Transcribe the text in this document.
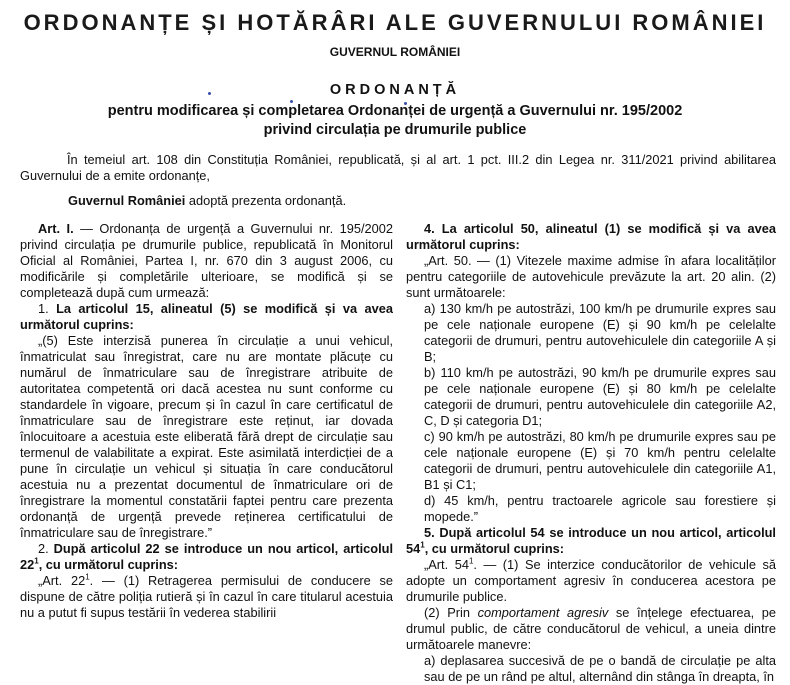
ORDONANȚE ȘI HOTĂRÂRI ALE GUVERNULUI ROMÂNIEI
GUVERNUL ROMÂNIEI
ORDONANȚĂ
pentru modificarea și completarea Ordonanței de urgență a Guvernului nr. 195/2002
privind circulația pe drumurile publice
În temeiul art. 108 din Constituția României, republicată, și al art. 1 pct. III.2 din Legea nr. 311/2021 privind abilitarea Guvernului de a emite ordonanțe,
Guvernul României adoptă prezenta ordonanță.

Art. I. — Ordonanța de urgență a Guvernului nr. 195/2002 privind circulația pe drumurile publice, republicată în Monitorul Oficial al României, Partea I, nr. 670 din 3 august 2006, cu modificările și completările ulterioare, se modifică și se completează după cum urmează:

1. La articolul 15, alineatul (5) se modifică și va avea următorul cuprins:

„(5) Este interzisă punerea în circulație a unui vehicul, înmatriculat sau înregistrat, care nu are montate plăcuțe cu numărul de înmatriculare sau de înregistrare atribuite de autoritatea competentă ori dacă acestea nu sunt conforme cu standardele în vigoare, precum și în cazul în care certificatul de înmatriculare sau de înregistrare este reținut, iar dovada înlocuitoare a acestuia este eliberată fără drept de circulație sau termenul de valabilitate a expirat. Este asimilată interdicției de a pune în circulație un vehicul și situația în care conducătorul acestuia nu a prezentat documentul de înmatriculare ori de înregistrare la momentul constatării faptei pentru care prezenta ordonanță de urgență prevede reținerea certificatului de înmatriculare sau de înregistrare.”

2. După articolul 22 se introduce un nou articol, articolul $22^1$, cu următorul cuprins:

„Art. $22^1$. — (1) Retragerea permisului de conducere se dispune de către poliția rutieră și în cazul în care titularul acestuia nu a putut fi supus testării în vederea stabilirii

4. La articolul 50, alineatul (1) se modifică și va avea următorul cuprins:

„Art. 50. — (1) Vitezele maxime admise în afara localităților pentru categoriile de autovehicule prevăzute la art. 20 alin. (2) sunt următoarele:

a) 130 km/h pe autostrăzi, 100 km/h pe drumurile expres sau pe cele naționale europene (E) și 90 km/h pe celelalte categorii de drumuri, pentru autovehiculele din categoriile A și B;

b) 110 km/h pe autostrăzi, 90 km/h pe drumurile expres sau pe cele naționale europene (E) și 80 km/h pe celelalte categorii de drumuri, pentru autovehiculele din categoriile A2, C, D și categoria D1;

c) 90 km/h pe autostrăzi, 80 km/h pe drumurile expres sau pe cele naționale europene (E) și 70 km/h pentru celelalte categorii de drumuri, pentru autovehiculele din categoriile A1, B1 și C1;

d) 45 km/h, pentru tractoarele agricole sau forestiere și mopede.”

5. După articolul 54 se introduce un nou articol, articolul $54^1$, cu următorul cuprins:

„Art. $54^1$. — (1) Se interzice conducătorilor de vehicule să adopte un comportament agresiv în conducerea acestora pe drumurile publice.

(2) Prin comportament agresiv se înțelege efectuarea, pe drumul public, de către conducătorul de vehicul, a uneia dintre următoarele manevre:

a) deplasarea succesivă de pe o bandă de circulație pe alta sau de pe un rând pe altul, alternând din stânga în dreapta, în
